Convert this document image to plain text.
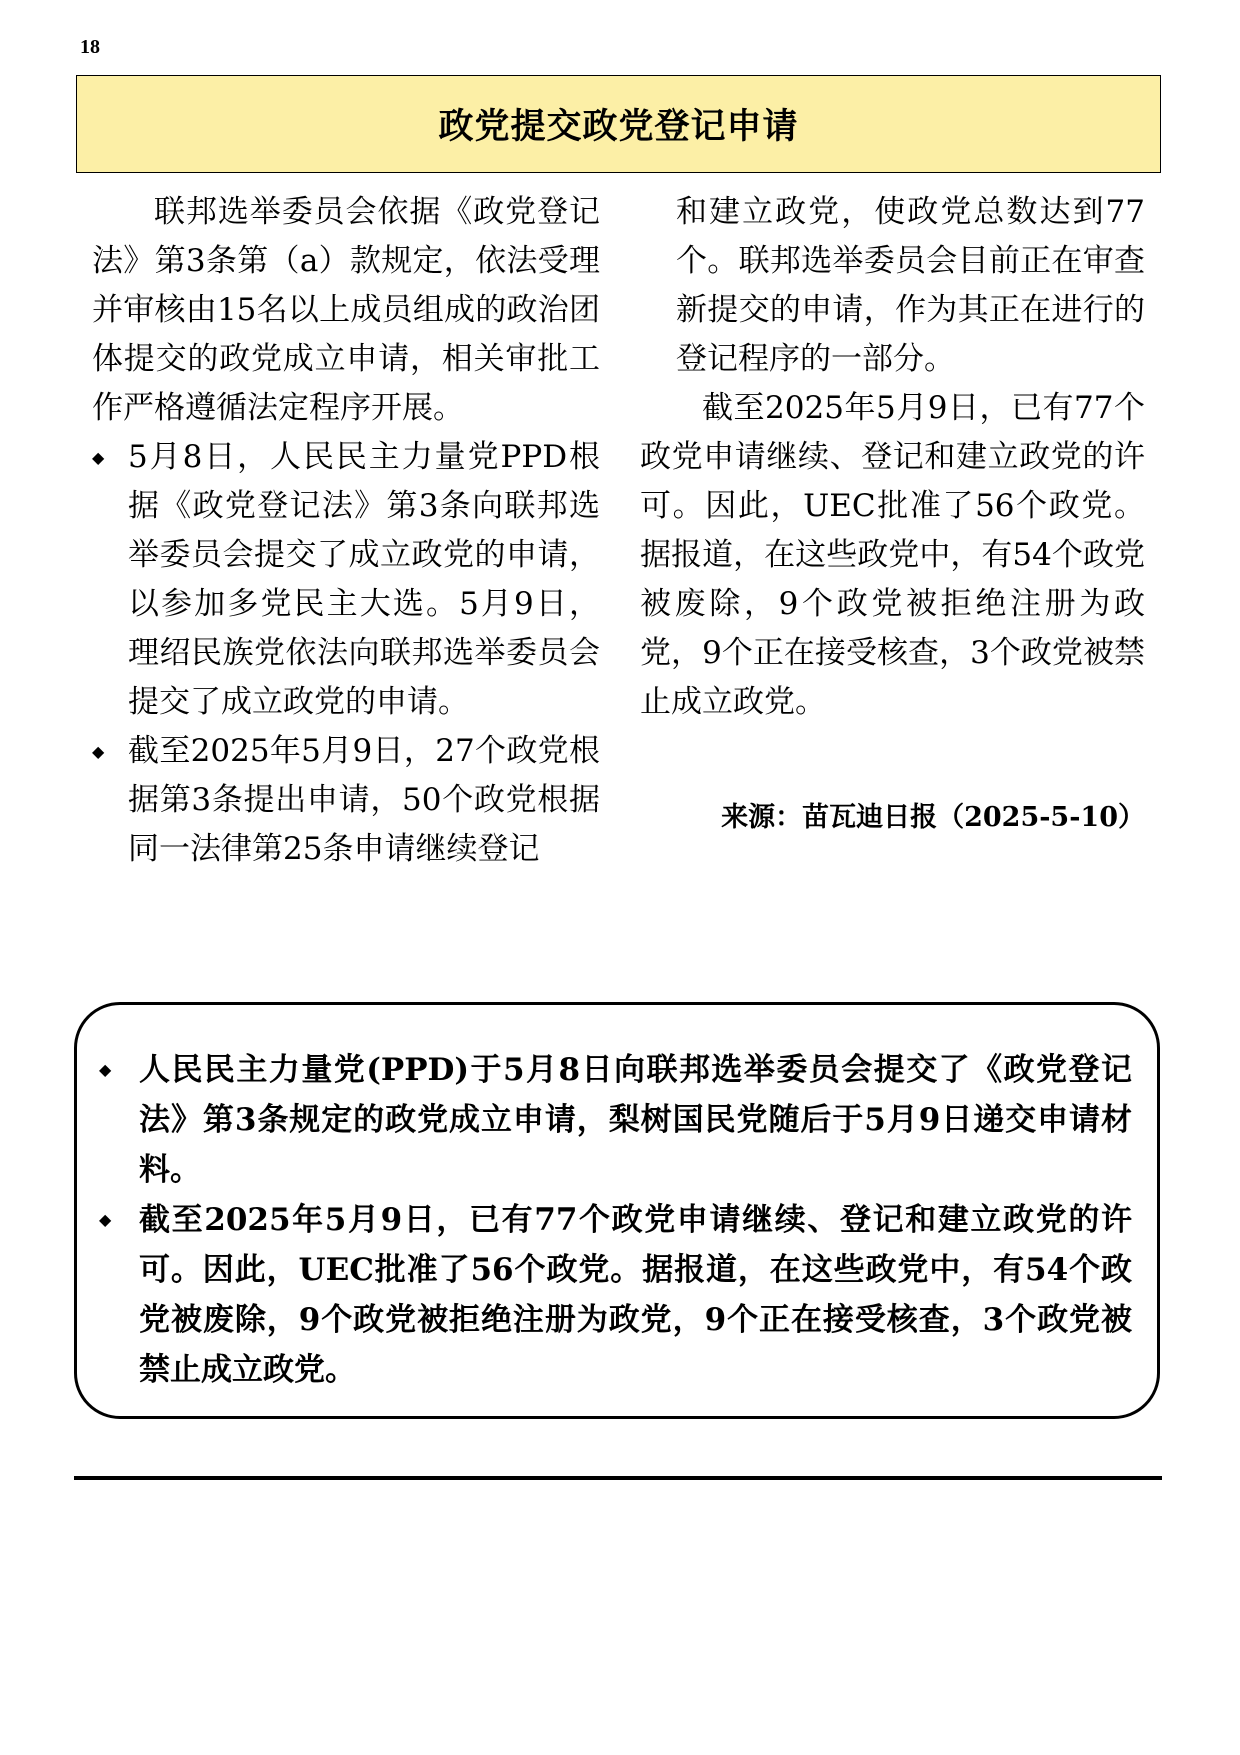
18
政党提交政党登记申请

联邦选举委员会依据《政党登记法》第3条第（a）款规定，依法受理并审核由15名以上成员组成的政治团体提交的政党成立申请，相关审批工作严格遵循法定程序开展。

◆ 5月8日，人民民主力量党PPD根据《政党登记法》第3条向联邦选举委员会提交了成立政党的申请，以参加多党民主大选。5月9日，理绍民族党依法向联邦选举委员会提交了成立政党的申请。
◆ 截至2025年5月9日，27个政党根据第3条提出申请，50个政党根据同一法律第25条申请继续登记

和建立政党，使政党总数达到77个。联邦选举委员会目前正在审查新提交的申请，作为其正在进行的登记程序的一部分。

截至2025年5月9日，已有77个政党申请继续、登记和建立政党的许可。因此，UEC批准了56个政党。据报道，在这些政党中，有54个政党被废除，9个政党被拒绝注册为政党，9个正在接受核查，3个政党被禁止成立政党。

来源：苗瓦迪日报（2025-5-10）
◆ 人民民主力量党(PPD)于5月8日向联邦选举委员会提交了《政党登记法》第3条规定的政党成立申请，梨树国民党随后于5月9日递交申请材料。
◆ 截至2025年5月9日，已有77个政党申请继续、登记和建立政党的许可。因此，UEC批准了56个政党。据报道，在这些政党中，有54个政党被废除，9个政党被拒绝注册为政党，9个正在接受核查，3个政党被禁止成立政党。
